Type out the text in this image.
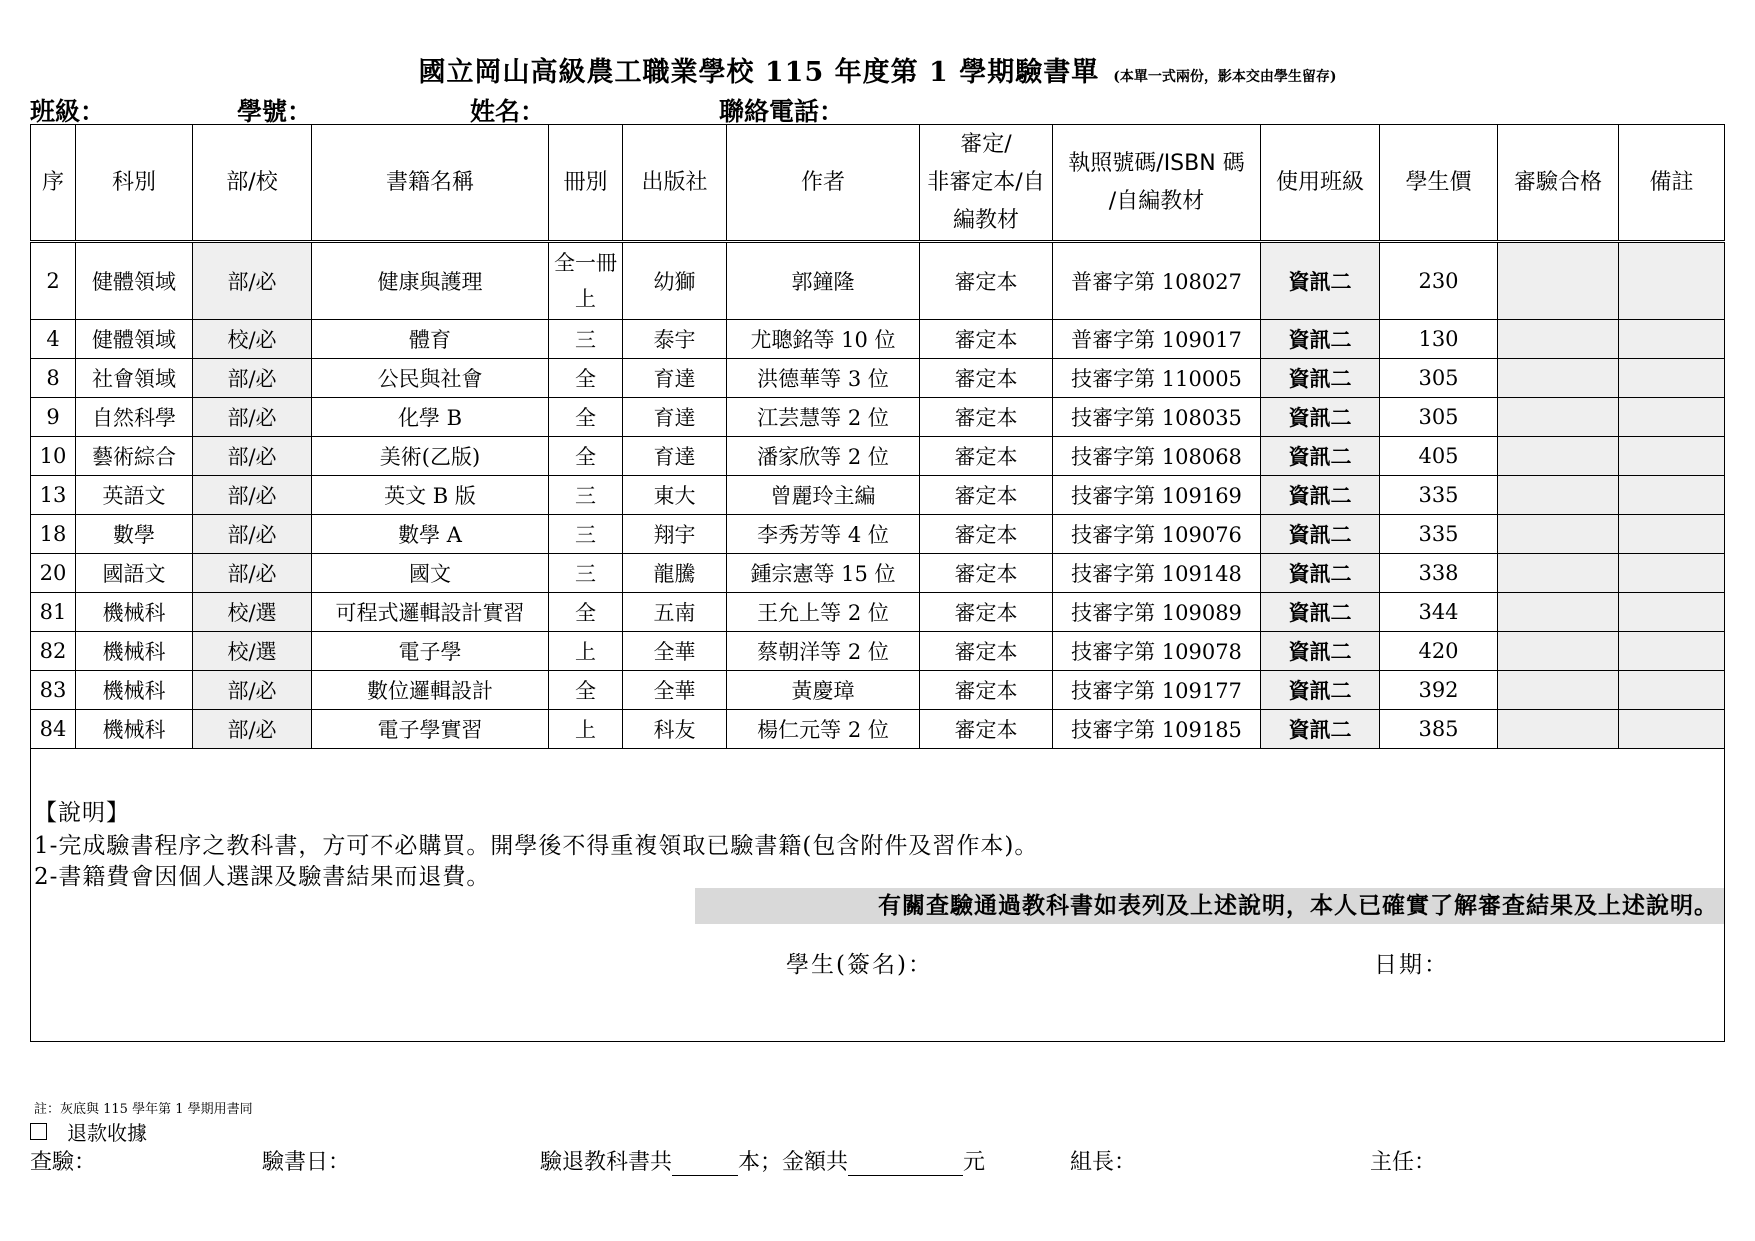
國立岡山高級農工職業學校 115 年度第 1 學期驗書單 (本單一式兩份，影本交由學生留存)
班級：	學號：	姓名：	聯絡電話：
序	科別	部/校	書籍名稱	冊別	出版社	作者	審定/
非審定本/自
編教材	執照號碼/ISBN 碼
/自編教材	使用班級	學生價	審驗合格	備註
2	健體領域	部/必	健康與護理	全一冊上	幼獅	郭鐘隆	審定本	普審字第 108027	資訊二	230		
4	健體領域	校/必	體育	三	泰宇	尤聰銘等 10 位	審定本	普審字第 109017	資訊二	130		
8	社會領域	部/必	公民與社會	全	育達	洪德華等 3 位	審定本	技審字第 110005	資訊二	305		
9	自然科學	部/必	化學 B	全	育達	江芸慧等 2 位	審定本	技審字第 108035	資訊二	305		
10	藝術綜合	部/必	美術(乙版)	全	育達	潘家欣等 2 位	審定本	技審字第 108068	資訊二	405		
13	英語文	部/必	英文 B 版	三	東大	曾麗玲主編	審定本	技審字第 109169	資訊二	335		
18	數學	部/必	數學 A	三	翔宇	李秀芳等 4 位	審定本	技審字第 109076	資訊二	335		
20	國語文	部/必	國文	三	龍騰	鍾宗憲等 15 位	審定本	技審字第 109148	資訊二	338		
81	機械科	校/選	可程式邏輯設計實習	全	五南	王允上等 2 位	審定本	技審字第 109089	資訊二	344		
82	機械科	校/選	電子學	上	全華	蔡朝洋等 2 位	審定本	技審字第 109078	資訊二	420		
83	機械科	部/必	數位邏輯設計	全	全華	黃慶璋	審定本	技審字第 109177	資訊二	392		
84	機械科	部/必	電子學實習	上	科友	楊仁元等 2 位	審定本	技審字第 109185	資訊二	385		
【說明】
1-完成驗書程序之教科書，方可不必購買。開學後不得重複領取已驗書籍(包含附件及習作本)。
2-書籍費會因個人選課及驗書結果而退費。
有關查驗通過教科書如表列及上述說明，本人已確實了解審查結果及上述說明。
學生(簽名)：	日期：
註：灰底與 115 學年第 1 學期用書同
退款收據
查驗：	驗書日：	驗退教科書共	本；金額共	元	組長：	主任：
